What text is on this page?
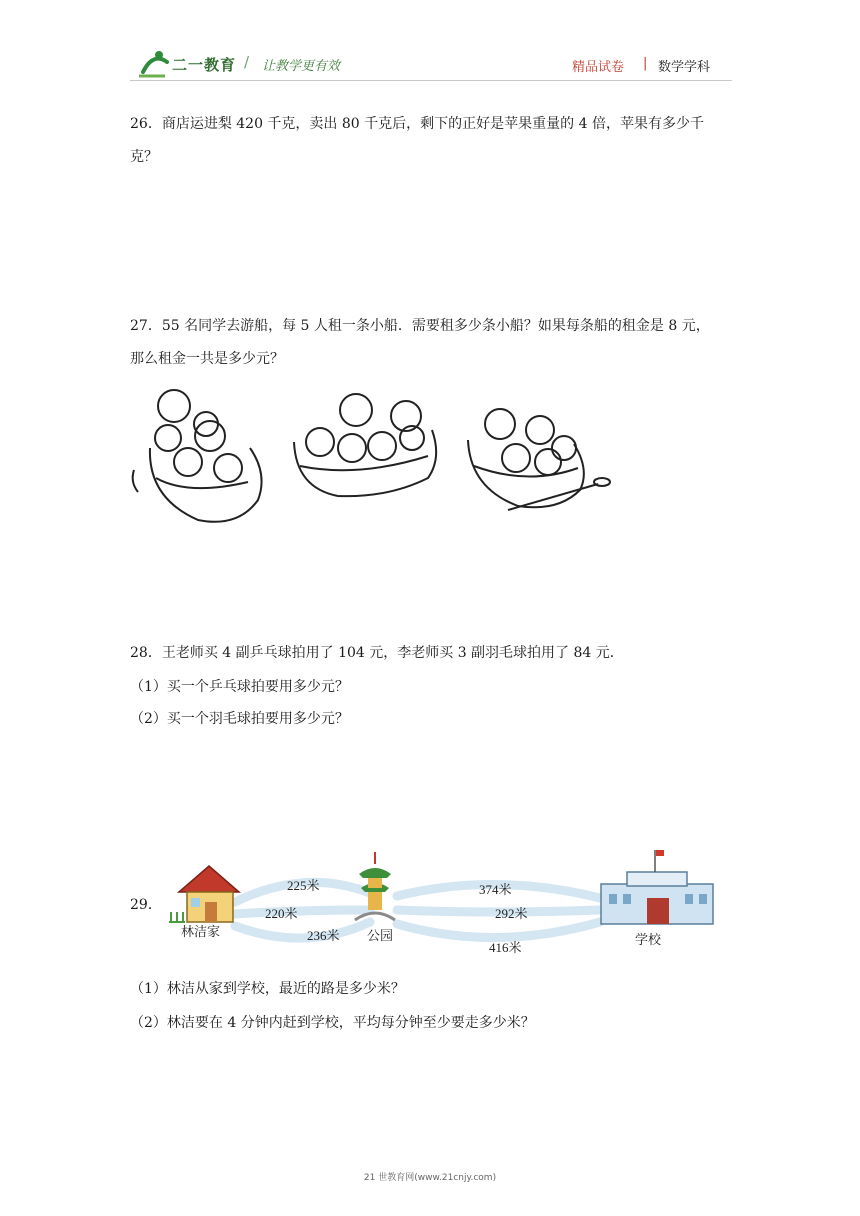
二一教育 / 让教学更有效	精品试卷 | 数学学科
26．商店运进梨 420 千克，卖出 80 千克后，剩下的正好是苹果重量的 4 倍，苹果有多少千
克？
27．55 名同学去游船，每 5 人租一条小船．需要租多少条小船？如果每条船的租金是 8 元，
那么租金一共是多少元？
28．王老师买 4 副乒乓球拍用了 104 元，李老师买 3 副羽毛球拍用了 84 元．
（1）买一个乒乓球拍要用多少元？
（2）买一个羽毛球拍要用多少元？
29．
225米
220米
236米
374米
292米
416米
林洁家	公园	学校
（1）林洁从家到学校，最近的路是多少米？
（2）林洁要在 4 分钟内赶到学校，平均每分钟至少要走多少米？
21 世教育网(www.21cnjy.com)
